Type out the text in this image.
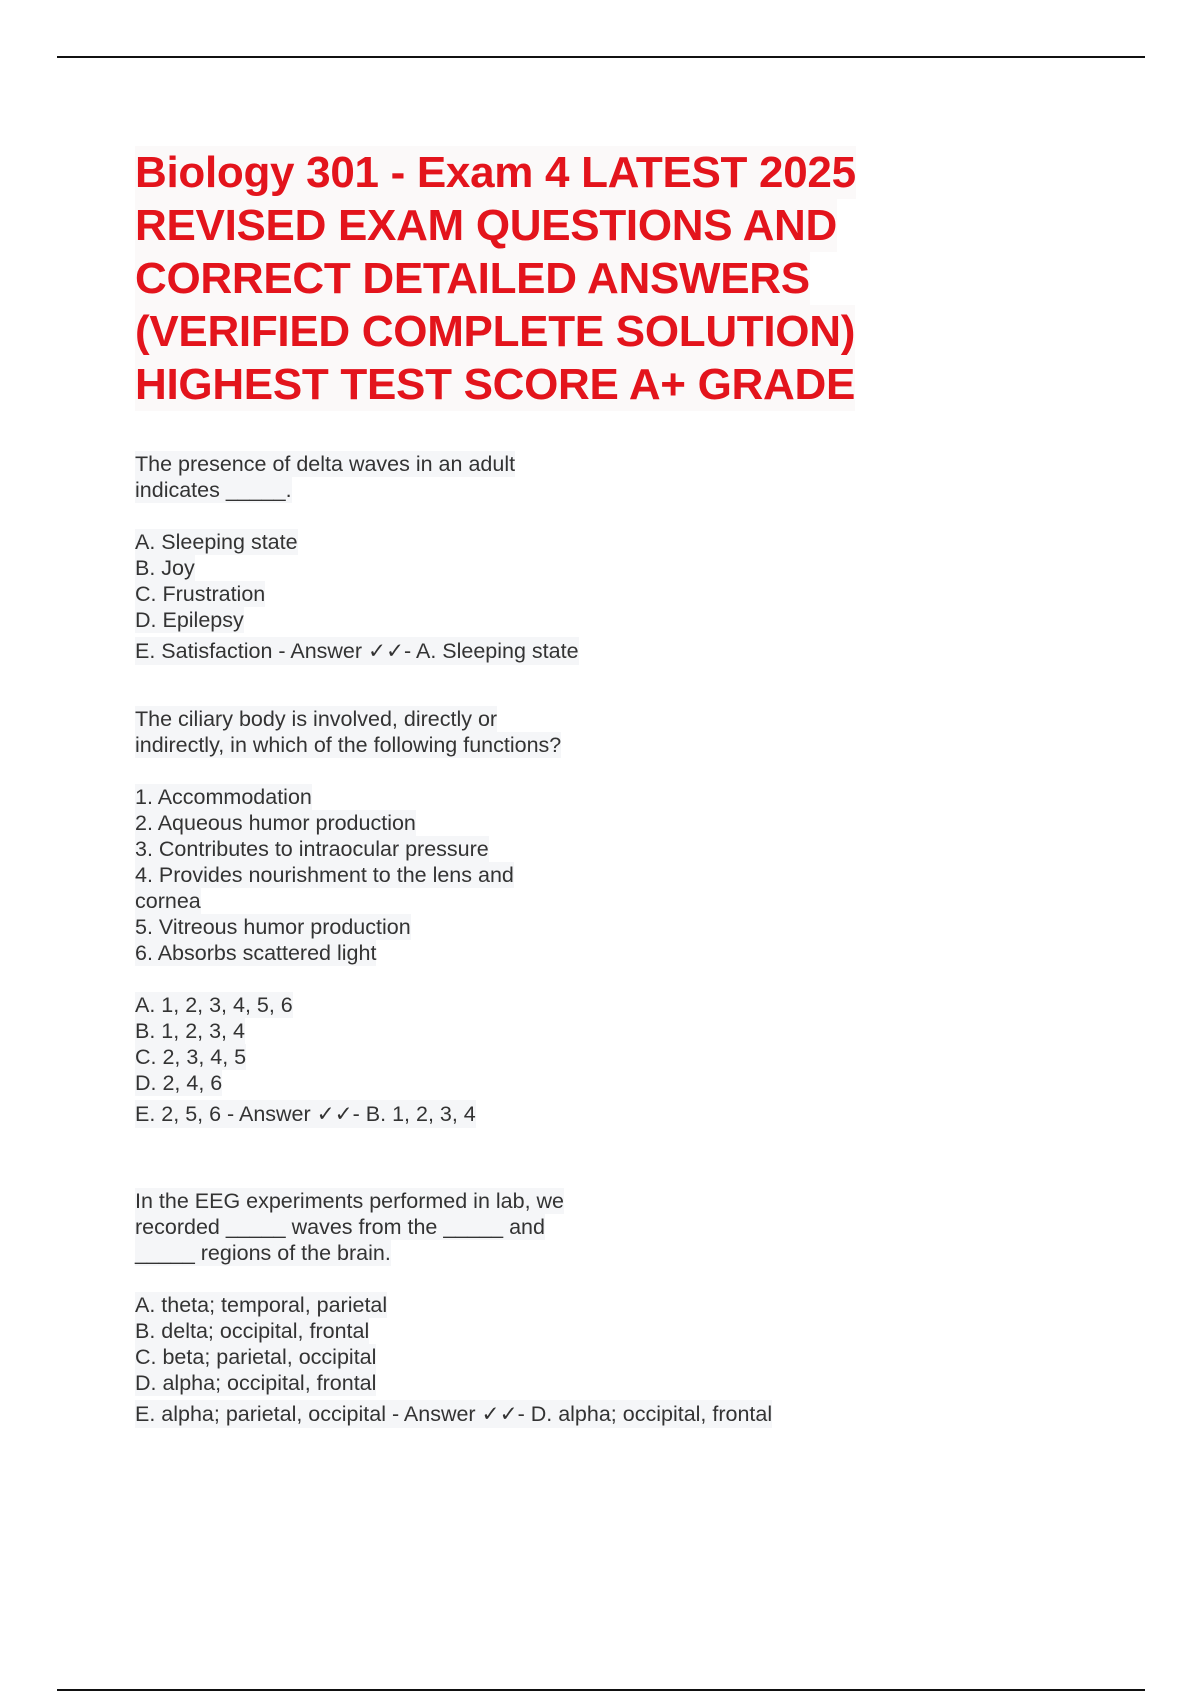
Biology 301 - Exam 4 LATEST 2025
REVISED EXAM QUESTIONS AND
CORRECT DETAILED ANSWERS
(VERIFIED COMPLETE SOLUTION)
HIGHEST TEST SCORE A+ GRADE
The presence of delta waves in an adult
indicates _____.
A. Sleeping state
B. Joy
C. Frustration
D. Epilepsy
E. Satisfaction - Answer ✓✓- A. Sleeping state
The ciliary body is involved, directly or
indirectly, in which of the following functions?
1. Accommodation
2. Aqueous humor production
3. Contributes to intraocular pressure
4. Provides nourishment to the lens and
cornea
5. Vitreous humor production
6. Absorbs scattered light
A. 1, 2, 3, 4, 5, 6
B. 1, 2, 3, 4
C. 2, 3, 4, 5
D. 2, 4, 6
E. 2, 5, 6 - Answer ✓✓- B. 1, 2, 3, 4
In the EEG experiments performed in lab, we
recorded _____ waves from the _____ and
_____ regions of the brain.
A. theta; temporal, parietal
B. delta; occipital, frontal
C. beta; parietal, occipital
D. alpha; occipital, frontal
E. alpha; parietal, occipital - Answer ✓✓- D. alpha; occipital, frontal
